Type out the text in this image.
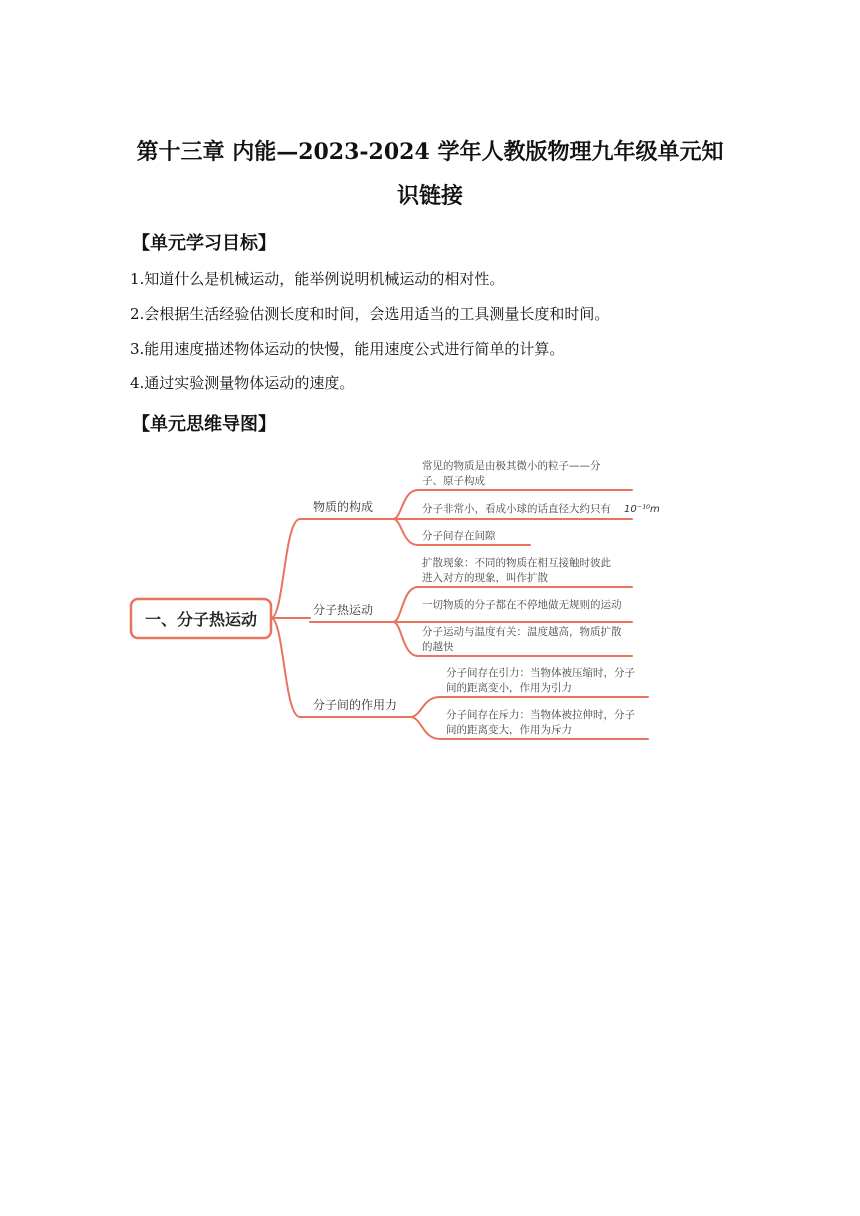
第十三章 内能—2023-2024 学年人教版物理九年级单元知
识链接
【单元学习目标】
1.知道什么是机械运动，能举例说明机械运动的相对性。
2.会根据生活经验估测长度和时间，会选用适当的工具测量长度和时间。
3.能用速度描述物体运动的快慢，能用速度公式进行简单的计算。
4.通过实验测量物体运动的速度。
【单元思维导图】
一、分子热运动
物质的构成
分子热运动
分子间的作用力
常见的物质是由极其微小的粒子——分
子、原子构成
分子非常小，看成小球的话直径大约只有
分子间存在间隙
扩散现象：不同的物质在相互接触时彼此
进入对方的现象，叫作扩散
一切物质的分子都在不停地做无规则的运动
分子运动与温度有关：温度越高，物质扩散
的越快
分子间存在引力：当物体被压缩时，分子
间的距离变小，作用为引力
分子间存在斥力：当物体被拉伸时，分子
间的距离变大，作用为斥力
10⁻¹⁰m
